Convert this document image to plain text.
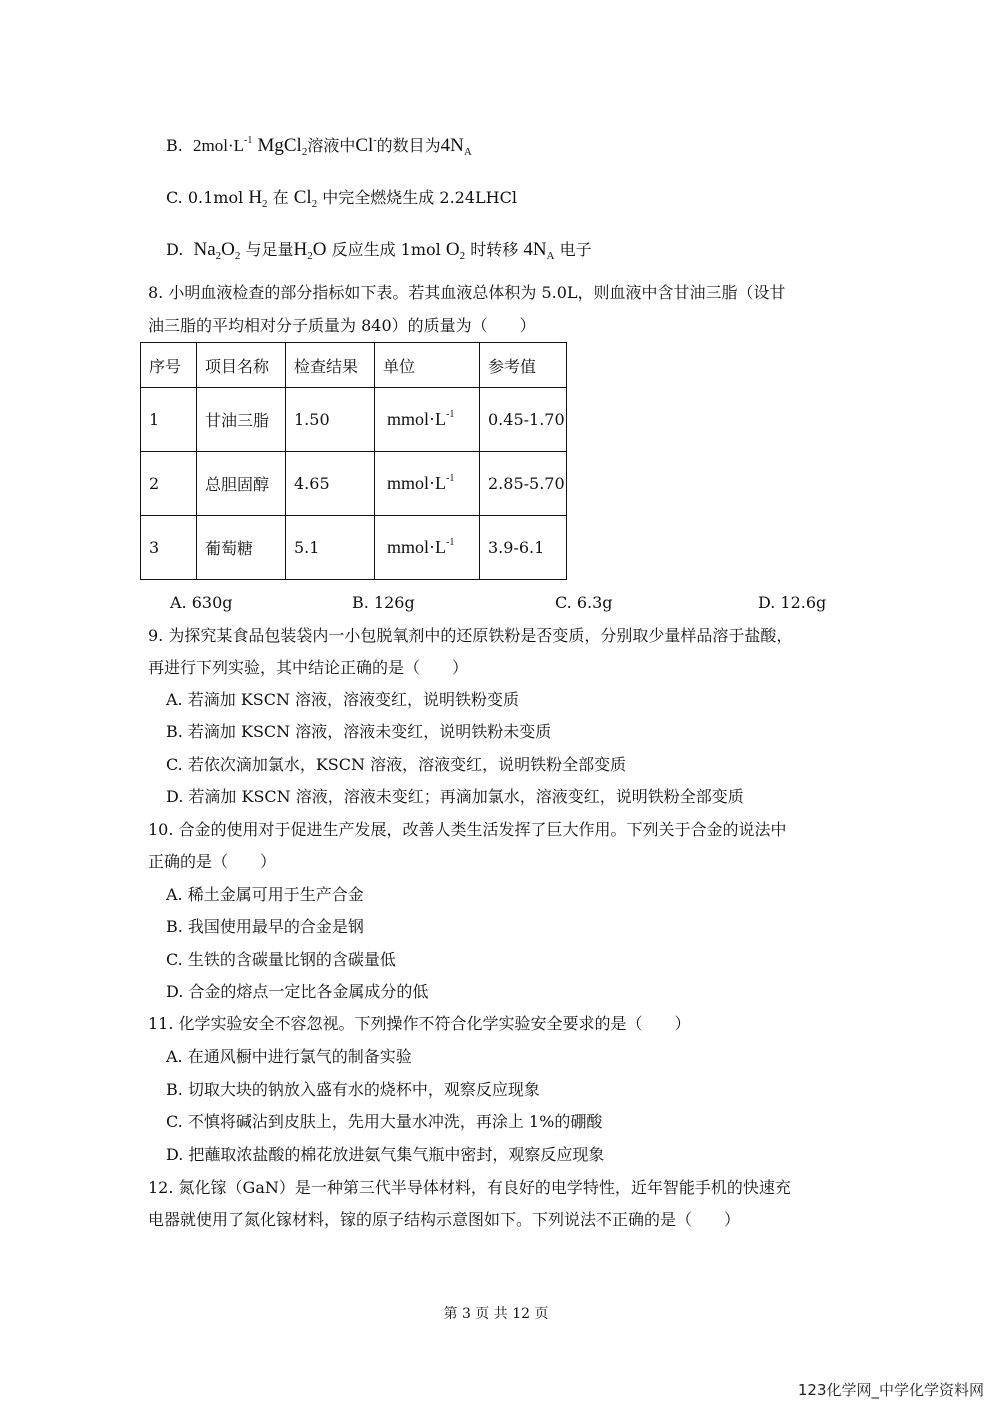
B. $2mol\cdot L^{-1}$ MgCl$_2$溶液中Cl-的数目为$4N_A$
C. 0.1mol $H_2$ 在 $Cl_2$ 中完全燃烧生成 2.24LHCl
D. $Na_2O_2$ 与足量$H_2O$ 反应生成 1mol $O_2$ 时转移 $4N_A$ 电子
8. 小明血液检查的部分指标如下表。若其血液总体积为 5.0L，则血液中含甘油三脂（设甘
油三脂的平均相对分子质量为 840）的质量为（　　）
序号	项目名称	检查结果	单位	参考值
1	甘油三脂	1.50	$mmol\cdot L^{-1}$	0.45-1.70
2	总胆固醇	4.65	$mmol\cdot L^{-1}$	2.85-5.70
3	葡萄糖	5.1	$mmol\cdot L^{-1}$	3.9-6.1
A. 630g	B. 126g	C. 6.3g	D. 12.6g
9. 为探究某食品包装袋内一小包脱氧剂中的还原铁粉是否变质，分别取少量样品溶于盐酸，
再进行下列实验，其中结论正确的是（　　）
A. 若滴加 KSCN 溶液，溶液变红，说明铁粉变质
B. 若滴加 KSCN 溶液，溶液未变红，说明铁粉未变质
C. 若依次滴加氯水，KSCN 溶液，溶液变红，说明铁粉全部变质
D. 若滴加 KSCN 溶液，溶液未变红；再滴加氯水，溶液变红，说明铁粉全部变质
10. 合金的使用对于促进生产发展，改善人类生活发挥了巨大作用。下列关于合金的说法中
正确的是（　　）
A. 稀土金属可用于生产合金
B. 我国使用最早的合金是钢
C. 生铁的含碳量比钢的含碳量低
D. 合金的熔点一定比各金属成分的低
11. 化学实验安全不容忽视。下列操作不符合化学实验安全要求的是（　　）
A. 在通风橱中进行氯气的制备实验
B. 切取大块的钠放入盛有水的烧杯中，观察反应现象
C. 不慎将碱沾到皮肤上，先用大量水冲洗，再涂上 1%的硼酸
D. 把蘸取浓盐酸的棉花放进氨气集气瓶中密封，观察反应现象
12. 氮化镓（GaN）是一种第三代半导体材料，有良好的电学特性，近年智能手机的快速充
电器就使用了氮化镓材料，镓的原子结构示意图如下。下列说法不正确的是（　　）
第 3 页 共 12 页
123化学网_中学化学资料网
